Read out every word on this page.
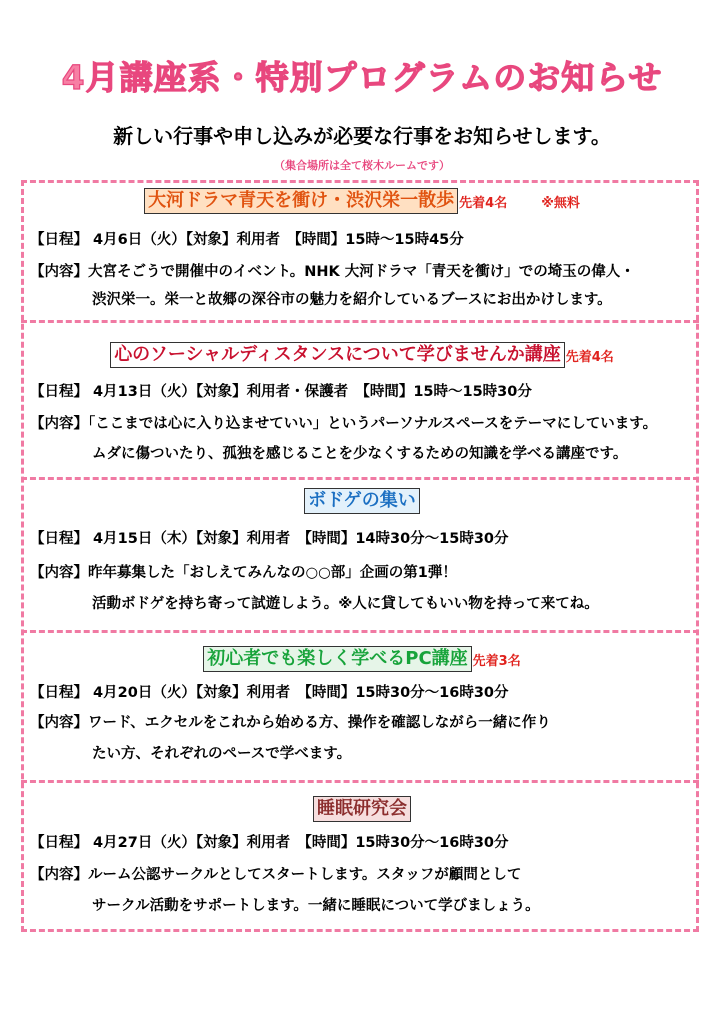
4月講座系・特別プログラムのお知らせ
新しい行事や申し込みが必要な行事をお知らせします。
（集合場所は全て桜木ルームです）
大河ドラマ青天を衝け・渋沢栄一散歩 先着4名	※無料
【日程】 4月6日（火）【対象】利用者　【時間】15時～15時45分
【内容】大宮そごうで開催中のイベント。NHK 大河ドラマ「青天を衝け」での埼玉の偉人・
渋沢栄一。栄一と故郷の深谷市の魅力を紹介しているブースにお出かけします。
心のソーシャルディスタンスについて学びませんか講座 先着4名
【日程】 4月13日（火）【対象】利用者・保護者　【時間】15時～15時30分
【内容】「ここまでは心に入り込ませていい」というパーソナルスペースをテーマにしています。
ムダに傷ついたり、孤独を感じることを少なくするための知識を学べる講座です。
ボドゲの集い
【日程】 4月15日（木）【対象】利用者　【時間】14時30分～15時30分
【内容】昨年募集した「おしえてみんなの○○部」企画の第1弾！
活動ボドゲを持ち寄って試遊しよう。※人に貸してもいい物を持って来てね。
初心者でも楽しく学べるPC講座 先着3名
【日程】 4月20日（火）【対象】利用者　【時間】15時30分～16時30分
【内容】ワード、エクセルをこれから始める方、操作を確認しながら一緒に作り
たい方、それぞれのペースで学べます。
睡眠研究会
【日程】 4月27日（火）【対象】利用者　【時間】15時30分～16時30分
【内容】ルーム公認サークルとしてスタートします。スタッフが顧問として
サークル活動をサポートします。一緒に睡眠について学びましょう。
